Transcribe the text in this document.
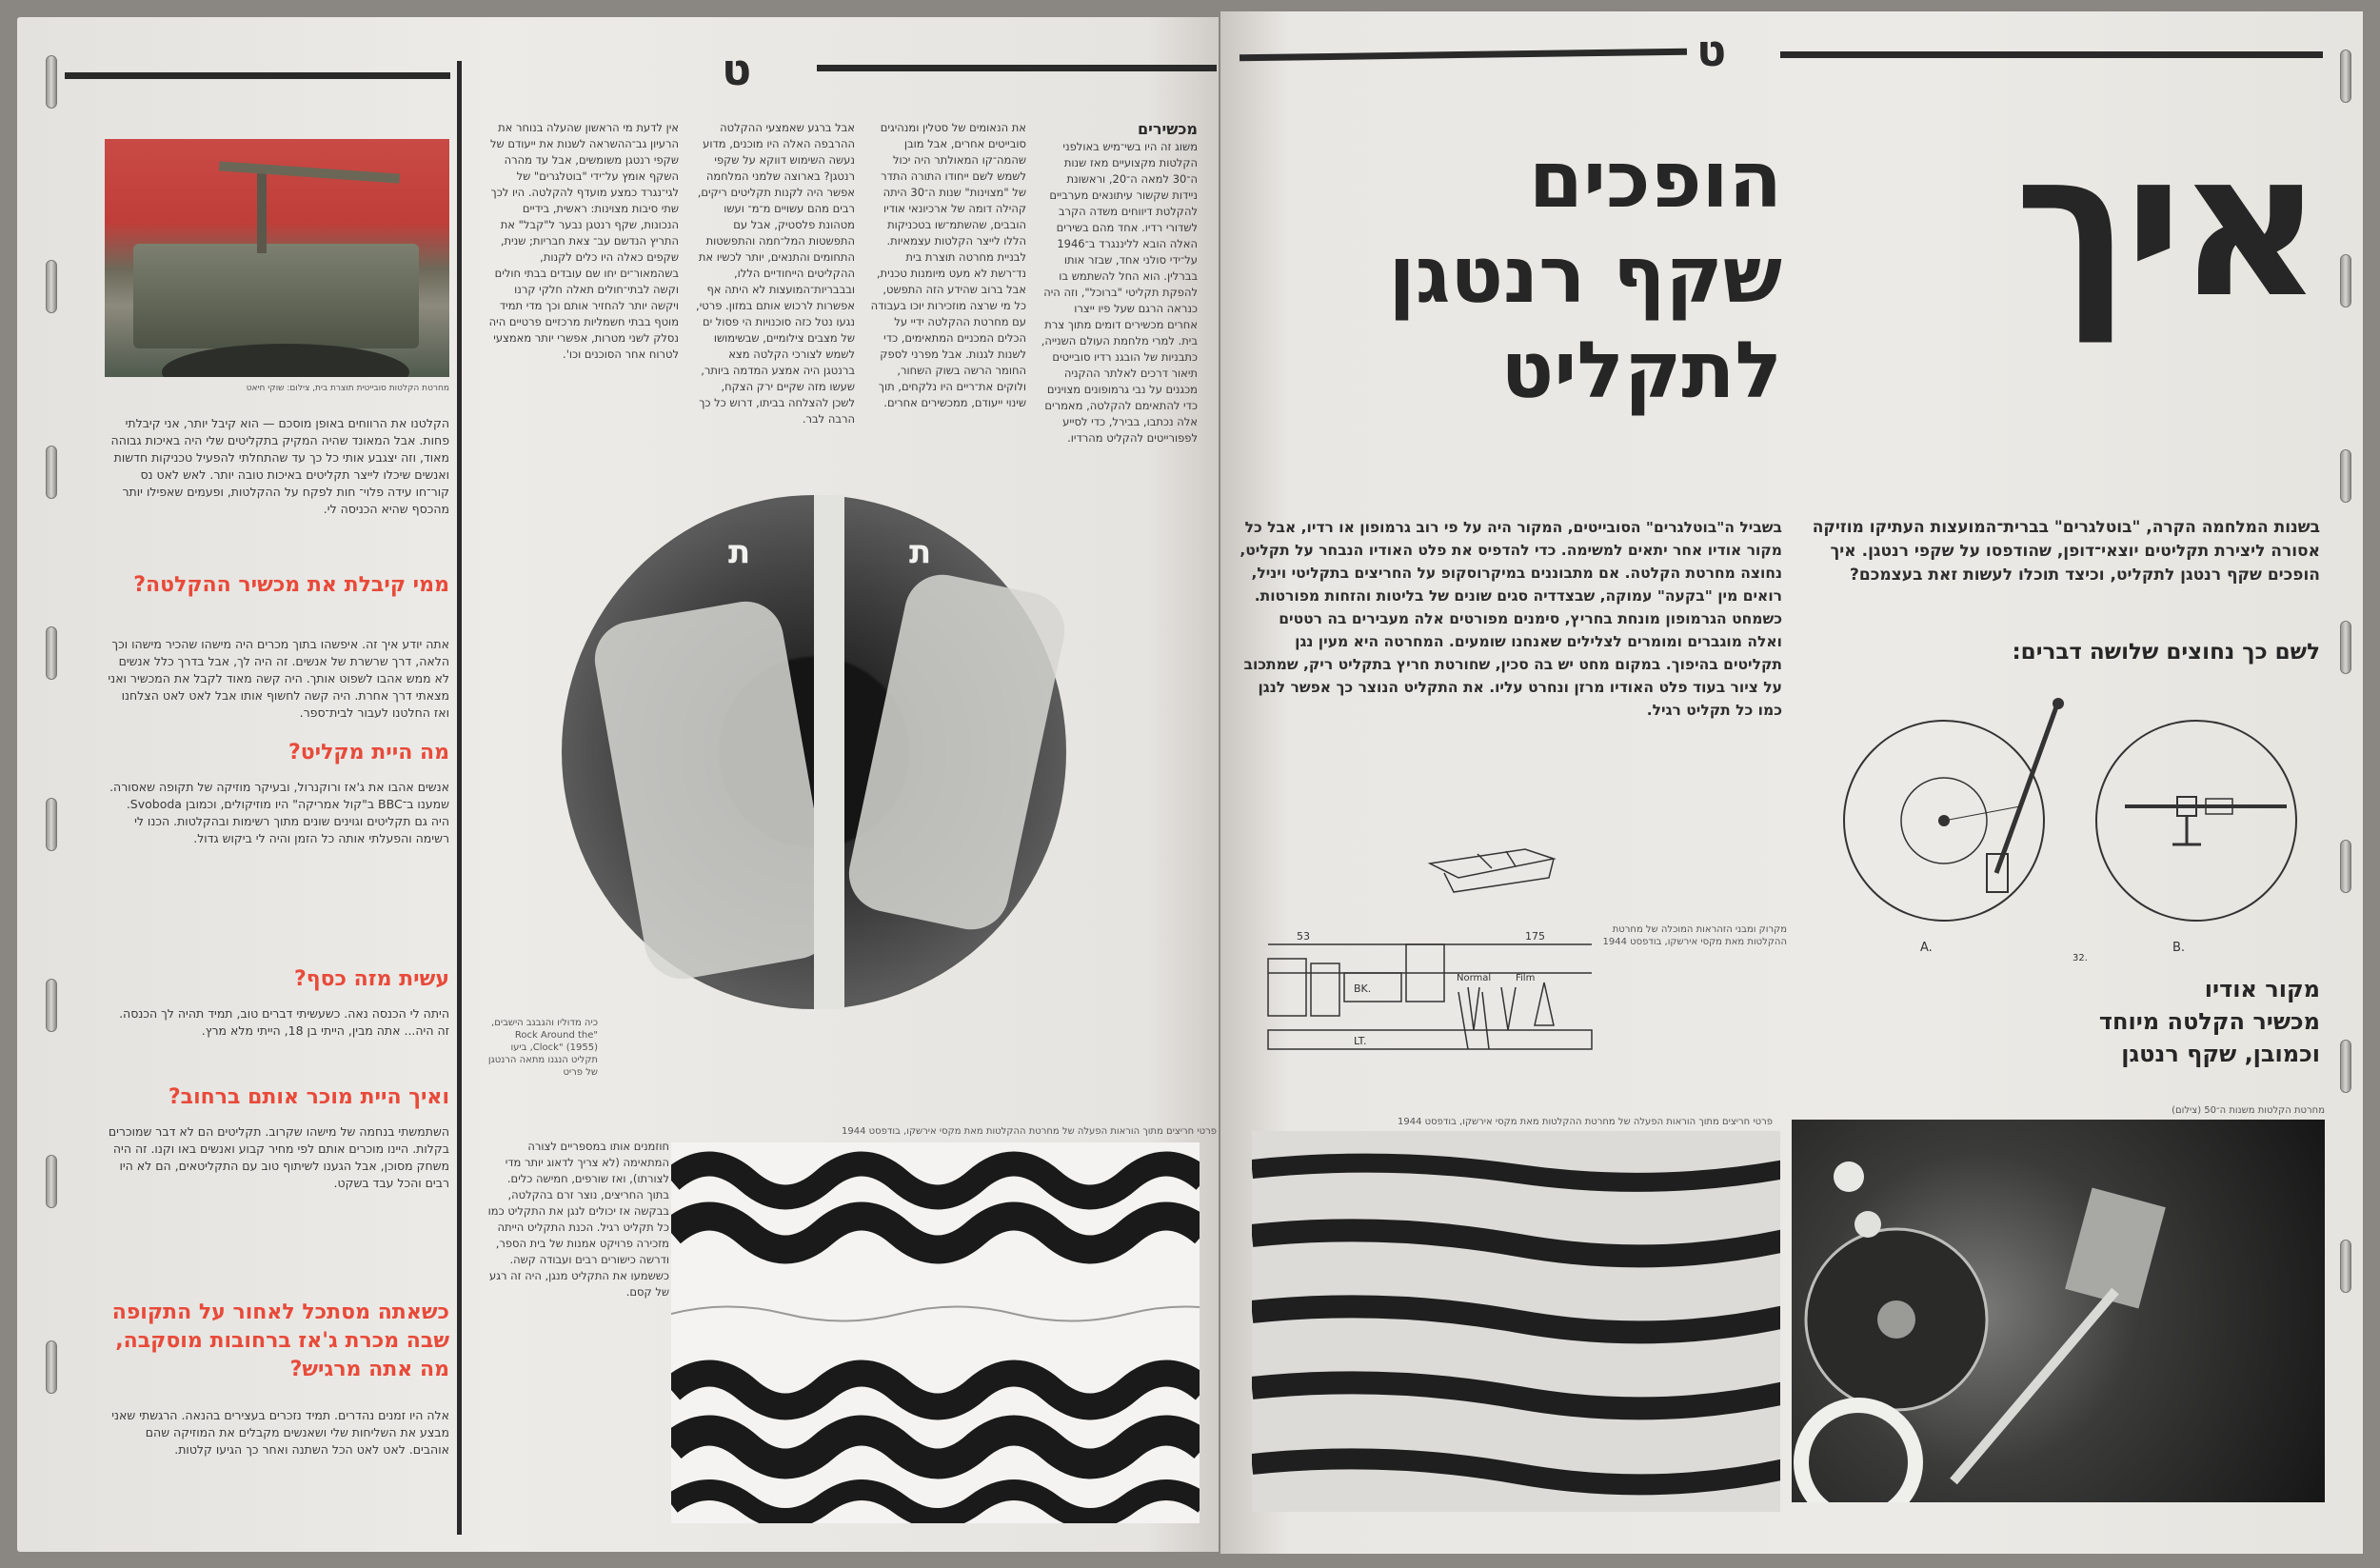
ט
מחרטת הקלטות סובייטית תוצרת בית, צילום: שוקי חיאט
הקלטנו את הרווחים באופן מוסכם — הוא קיבל יותר, אני קיבלתי פחות. אבל המאונד שהיה המקיק בתקליטים שלי היה באיכות גבוהה מאוד, וזה יצגבע אותי כל כך עד שהתחלתי להפעיל טכניקות חדשות ואנשים שיכלו לייצר תקליטים באיכות טובה יותר. לאש לאט נס קור־חו עידה פלוי־ חות לפקח על ההקלטות, ופעמים שאפילו יותר מהכסף שהיא הכניסה לי.
ממי קיבלת את מכשיר ההקלטה?
אתה יודע איך זה. איפשהו בתוך מכרים היה מישהו שהכיר מישהו וכך הלאה, דרך שרשרת של אנשים. זה היה לך, אבל בדרך כלל אנשים לא ממש אהבו לשפוט אותך. היה קשה מאוד לקבל את המכשיר ואני מצאתי דרך אחרת. היה קשה לחשוף אותו אבל לאט לאט הצלחנו ואז החלטנו לעבור לבית־ספר.
מה היית מקליט?
אנשים אהבו את ג'אז ורוקנרול, ובעיקר מוזיקה של תקופה שאסורה. שמענו ב־BBC ב"קול אמריקה" היו מוזיקולים, וכמובן Svoboda. היה גם תקליטים וגוינים שונים מתוך רשימות ובהקלטות. הכנו לי רשימה והפעלתי אותה כל הזמן והיה לי ביקוש גדול.
עשית מזה כסף?
היתה לי הכנסה נאה. כשעשיתי דברים טוב, תמיד תהיה לך הכנסה. זה היה... אתה מבין, הייתי בן 18, הייתי מלא מרץ.
ואיך היית מוכר אותם ברחוב?
השתמשתי בנחמה של מישהו שקרוב. תקליטים הם לא דבר שמוכרים בקלות. היינו מוכרים אותם לפי מחיר קבוע ואנשים באו וקנו. זה היה משחק מסוכן, אבל הגענו לשיתוף טוב עם התקליטאים, הם לא היו רבים והכל עבד בשקט.
כשאתה מסתכל לאחור על התקופה שבה מכרת ג'אז ברחובות מוסקבה, מה אתה מרגיש?
אלה היו זמנים נהדרים. תמיד נזכרים בעצירים בהנאה. הרגשתי שאני מבצע את השליחות שלי ושאנשים מקבלים את המוזיקה שהם אוהבים. לאט לאט הכל השתנה ואחר כך הגיעו קלטות.
מכשירים
משוג זה היו בשי־מיש באולפני הקלטות מקצועיים מאז שנות ה־30 למאה ה־20, וראשונת ניידות שקשור עיתונאים מערביים להקלטת דיווחים משדה הקרב לשדורי רדיו. אחד מהם בשירים האלה הובא לליננגרד ב־1946 על־ידי סולני אחד, שבזר אותו בברלין. הוא החל להשתמש בו להפקת תקליטי "ברוכל", וזה היה כנראה הרגם שעל פיו ייצרו אחרים מכשירים דומים מתוך צרת בית. למרי מלחמת העולם השנייה, כתבניות של הובגנ רדיו סובייטים תיאור דרכים לאלתר ההקניה מכגנים על נבי גרמופונים מצוינים כדי להתאימם להקלטה, מאמרים אלה נכתבו, בבירל, כדי לסייע לפפורייטים להקליט מהרדיו.
את הנאומים של סטלין ומנהיגים סובייטים אחרים, אבל מובן שהמה־קו המאולתר היה יכול לשמש לשם ייחודו התורה התדר של "מצוינות" שנות ה־30 היתה קהילה דומה של ארכיונאי אודיו הובבים, שהשתמ־שו בטכניקות הללו לייצר הקלטות עצמאיות. לבניית מחרטה תוצרת בית נד־רשת לא מעט מיומנות טכנית, אבל ברוב שהידע הזה התפשט, כל מי שרצה מוזכירות יוכו בעבודה עם מחרטת ההקלטה ידיי על הכלים המכניים המתאימים, כדי לשנות לגנות. אבל מפרני לספק החומר הרשה בשוק השחור, ולוקים את־ריים היו נלקחים, תוך שינוי ייעודם, ממכשירים אחרים.
אבל ברגע שאמצעי ההקלטה ההרבפה האלה היו מוכנים, מדוע נעשה השימוש דווקא על שקפי רנטגן? בארוצה שלמני המלחמה אפשר היה לקנות תקליטים ריקים, רבים מהם עשויים מ־מ־ ועשו מטהונת פלסטיק, אבל עם התפשטות המל־חמה והתפשטות התחומים והתנאים, יותר לכשיו את ההקליטים הייחודיים הללו, ובבבריות־המועצות לא היתה אף אפשרות לרכוש אותם במזון. פרטי, נגעו נטל כזה סוכנויות הי פסול ים של מצבים צילומיים, שבשימושו לשמש לצורכי הקלטה מצא ברנטגן היה אמצע המדמה ביותר, שעשו מזה שקיים ירק הצקח, לשכן להצלחה בביתו, דרוש כל כך הרבה לבר.
אין לדעת מי הראשון שהעלה בנוחר את הרעיון גב־ההשראה לשנות את ייעודם של שקפי רנטגן משומשים, אבל עד מהרה השקף אומץ על־ידי "בוטלגרים" של לגי־נגרד כמצע מועדף להקלטה. היו לכך שתי סיבות מצוינות: ראשית, בידיים הנכונות, שקף רנטגן נבער ל"קבל" את התריץ הנדשם עב־ צאת חבריות; שנית, שקפים כאלה היו כלים לקנות, בשהמאור־ים יחו שם עובדים בבתי חולים וקשה לבתי־חולים תאלה חלקי קרנו ויקשה יותר להחזיר אותם וכך מדי תמיד מוטף בבתי חשמליות מרכזיים פרטיים היה נסלק לשני מטרות, אפשרי יותר מאמצעי לטרוח אחר הסוכנים וכו'.
ת	ת
כיה מדוליו והגבגב הישבים, "Rock Around the Clock" (1955), ביעו תקליט הנגנו מתאה הרנטגן של פריט
חוזמנים אותו במספריים לצורה המתאימה (לא צריך לדאוג יותר מדי לצורתו), ואז שורפים, חמישה כלים. בתוך החריצים, נוצר זרם בהקלטה, בבקשה אז יכולים לנגן את התקליט כמו כל תקליט רגיל. הכנת התקליט הייתה מזכירה פרויקט אמנות של בית הספר, ודרשה כישורים רבים ועבודה קשה. כששמעו את התקליט מנגן, היה זה רגע של קסם.
פרטי חריצים מתוך הוראות הפעלה של מחרטת ההקלטות מאת מקסי אירשקו, בודפסט 1944
ט
איך
הופכים
שקף רנטגן
לתקליט
בשנות המלחמה הקרה, "בוטלגרים" בברית־המועצות העתיקו מוזיקה אסורה ליצירת תקליטים יוצאי־דופן, שהודפסו על שקפי רנטגן. איך הופכים שקף רנטגן לתקליט, וכיצד תוכלו לעשות זאת בעצמכם?
בשביל ה"בוטלגרים" הסובייטים, המקור היה על פי רוב גרמופון או רדיו, אבל כל מקור אודיו אחר יתאים למשימה. כדי להדפיס את פלט האודיו הנבחר על תקליט, נחוצה מחרטת הקלטה. אם מתבוננים במיקרוסקופ על החריצים בתקליטי ויניל, רואים מין "בקעה" עמוקה, שבצדדיה סגים שונים של בליטות והזחות מפורטות. כשמחט הגרמופון מונחת בחריץ, סימנים מפורטים אלה מעבירים בה רטטים ואלה מוגברים ומומרים לצלילים שאנחנו שומעים. המחרטה היא מעין נגן תקליטים בהיפוך. במקום מחט יש בה סכין, שחורטת חריץ בתקליט ריק, שמתכוב על ציור בעוד פלט האודיו מרזן ונחרט עליו. את התקליט הנוצר כך אפשר לנגן כמו כל תקליט רגיל.
לשם כך נחוצים שלושה דברים:
A.	B.
32.
מקור אודיו
מכשיר הקלטה מיוחד
וכמובן, שקף רנטגן
53	175
BK.
LT.
Normal	Film
מקרוק ומבני הזהראות המוכלה של מחרטת ההקלטות מאת מקסי אירשקו, בודפסט 1944
פרטי חריצים מתוך הוראות הפעלה של מחרטת ההקלטות מאת מקסי אירשקו, בודפסט 1944
מחרטת הקלטות משנות ה־50 (צילום)
